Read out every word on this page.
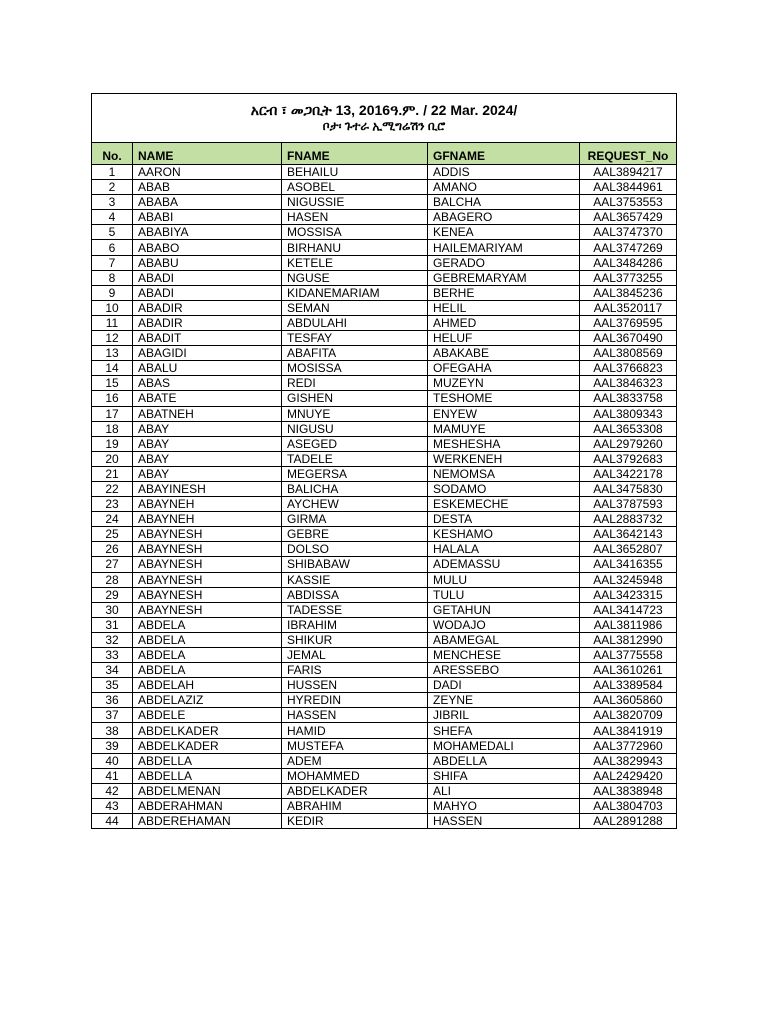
አርብ ፣ መጋቢት 13, 2016ዓ.ም. / 22 Mar. 2024/
ቦታ፡ ጉተራ ኢሚግሬሽን ቢሮ				

No.	NAME	FNAME	GFNAME	REQUEST_No
1	AARON	BEHAILU	ADDIS	AAL3894217
2	ABAB	ASOBEL	AMANO	AAL3844961
3	ABABA	NIGUSSIE	BALCHA	AAL3753553
4	ABABI	HASEN	ABAGERO	AAL3657429
5	ABABIYA	MOSSISA	KENEA	AAL3747370
6	ABABO	BIRHANU	HAILEMARIYAM	AAL3747269
7	ABABU	KETELE	GERADO	AAL3484286
8	ABADI	NGUSE	GEBREMARYAM	AAL3773255
9	ABADI	KIDANEMARIAM	BERHE	AAL3845236
10	ABADIR	SEMAN	HELIL	AAL3520117
11	ABADIR	ABDULAHI	AHMED	AAL3769595
12	ABADIT	TESFAY	HELUF	AAL3670490
13	ABAGIDI	ABAFITA	ABAKABE	AAL3808569
14	ABALU	MOSISSA	OFEGAHA	AAL3766823
15	ABAS	REDI	MUZEYN	AAL3846323
16	ABATE	GISHEN	TESHOME	AAL3833758
17	ABATNEH	MNUYE	ENYEW	AAL3809343
18	ABAY	NIGUSU	MAMUYE	AAL3653308
19	ABAY	ASEGED	MESHESHA	AAL2979260
20	ABAY	TADELE	WERKENEH	AAL3792683
21	ABAY	MEGERSA	NEMOMSA	AAL3422178
22	ABAYINESH	BALICHA	SODAMO	AAL3475830
23	ABAYNEH	AYCHEW	ESKEMECHE	AAL3787593
24	ABAYNEH	GIRMA	DESTA	AAL2883732
25	ABAYNESH	GEBRE	KESHAMO	AAL3642143
26	ABAYNESH	DOLSO	HALALA	AAL3652807
27	ABAYNESH	SHIBABAW	ADEMASSU	AAL3416355
28	ABAYNESH	KASSIE	MULU	AAL3245948
29	ABAYNESH	ABDISSA	TULU	AAL3423315
30	ABAYNESH	TADESSE	GETAHUN	AAL3414723
31	ABDELA	IBRAHIM	WODAJO	AAL3811986
32	ABDELA	SHIKUR	ABAMEGAL	AAL3812990
33	ABDELA	JEMAL	MENCHESE	AAL3775558
34	ABDELA	FARIS	ARESSEBO	AAL3610261
35	ABDELAH	HUSSEN	DADI	AAL3389584
36	ABDELAZIZ	HYREDIN	ZEYNE	AAL3605860
37	ABDELE	HASSEN	JIBRIL	AAL3820709
38	ABDELKADER	HAMID	SHEFA	AAL3841919
39	ABDELKADER	MUSTEFA	MOHAMEDALI	AAL3772960
40	ABDELLA	ADEM	ABDELLA	AAL3829943
41	ABDELLA	MOHAMMED	SHIFA	AAL2429420
42	ABDELMENAN	ABDELKADER	ALI	AAL3838948
43	ABDERAHMAN	ABRAHIM	MAHYO	AAL3804703
44	ABDEREHAMAN	KEDIR	HASSEN	AAL2891288
